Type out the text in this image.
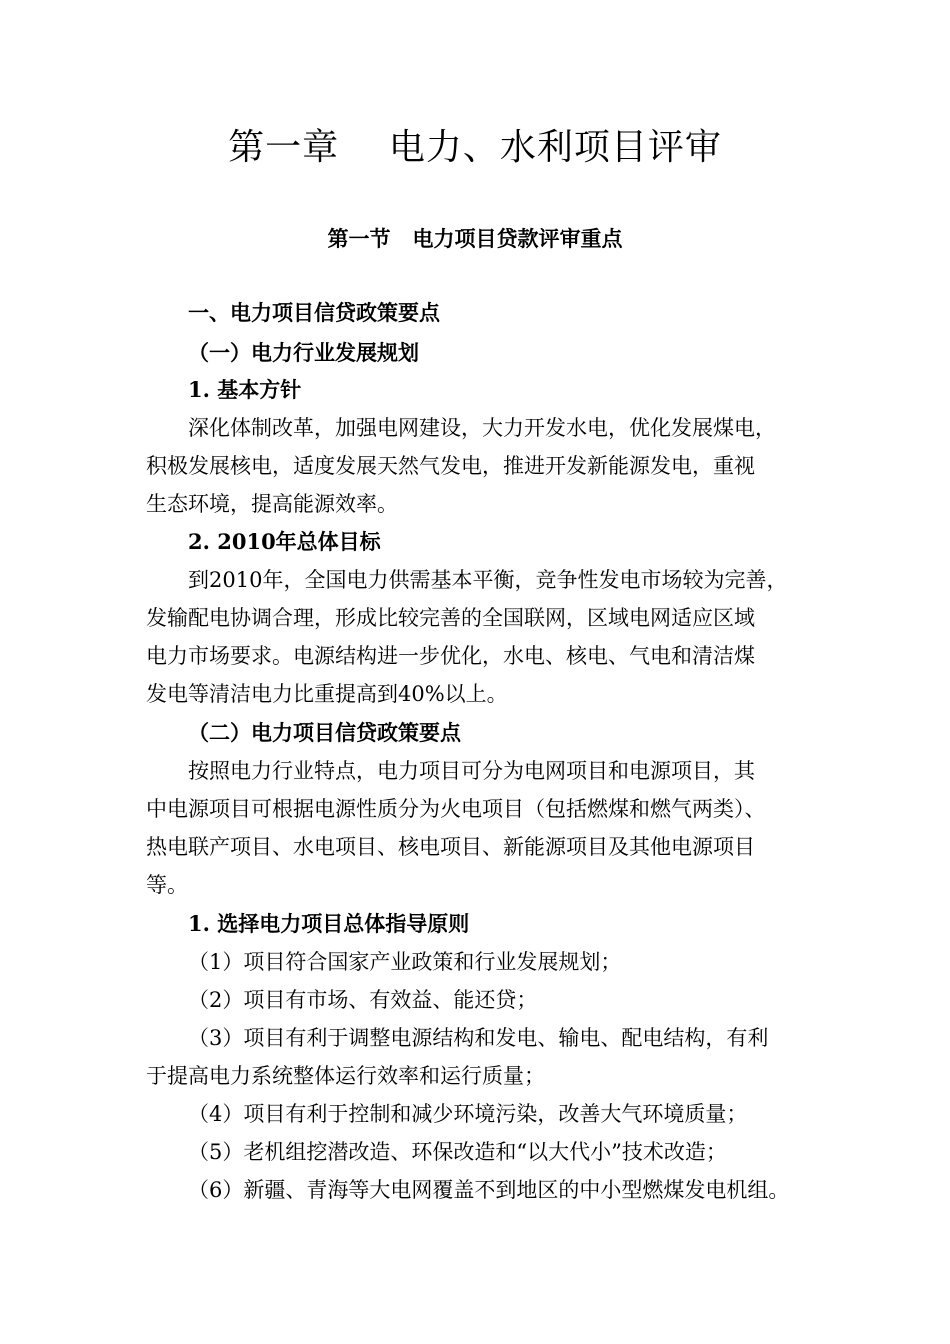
第一章    电力、水利项目评审
第一节   电力项目贷款评审重点
一、电力项目信贷政策要点
（一）电力行业发展规划
1. 基本方针
深化体制改革，加强电网建设，大力开发水电，优化发展煤电，
积极发展核电，适度发展天然气发电，推进开发新能源发电，重视
生态环境，提高能源效率。
2. 2010年总体目标
到2010年，全国电力供需基本平衡，竞争性发电市场较为完善，
发输配电协调合理，形成比较完善的全国联网，区域电网适应区域
电力市场要求。电源结构进一步优化，水电、核电、气电和清洁煤
发电等清洁电力比重提高到40%以上。
（二）电力项目信贷政策要点
按照电力行业特点，电力项目可分为电网项目和电源项目，其
中电源项目可根据电源性质分为火电项目（包括燃煤和燃气两类）、
热电联产项目、水电项目、核电项目、新能源项目及其他电源项目
等。
1. 选择电力项目总体指导原则
（1）项目符合国家产业政策和行业发展规划；
（2）项目有市场、有效益、能还贷；
（3）项目有利于调整电源结构和发电、输电、配电结构，有利
于提高电力系统整体运行效率和运行质量；
（4）项目有利于控制和减少环境污染，改善大气环境质量；
（5）老机组挖潜改造、环保改造和“以大代小”技术改造；
（6）新疆、青海等大电网覆盖不到地区的中小型燃煤发电机组。
